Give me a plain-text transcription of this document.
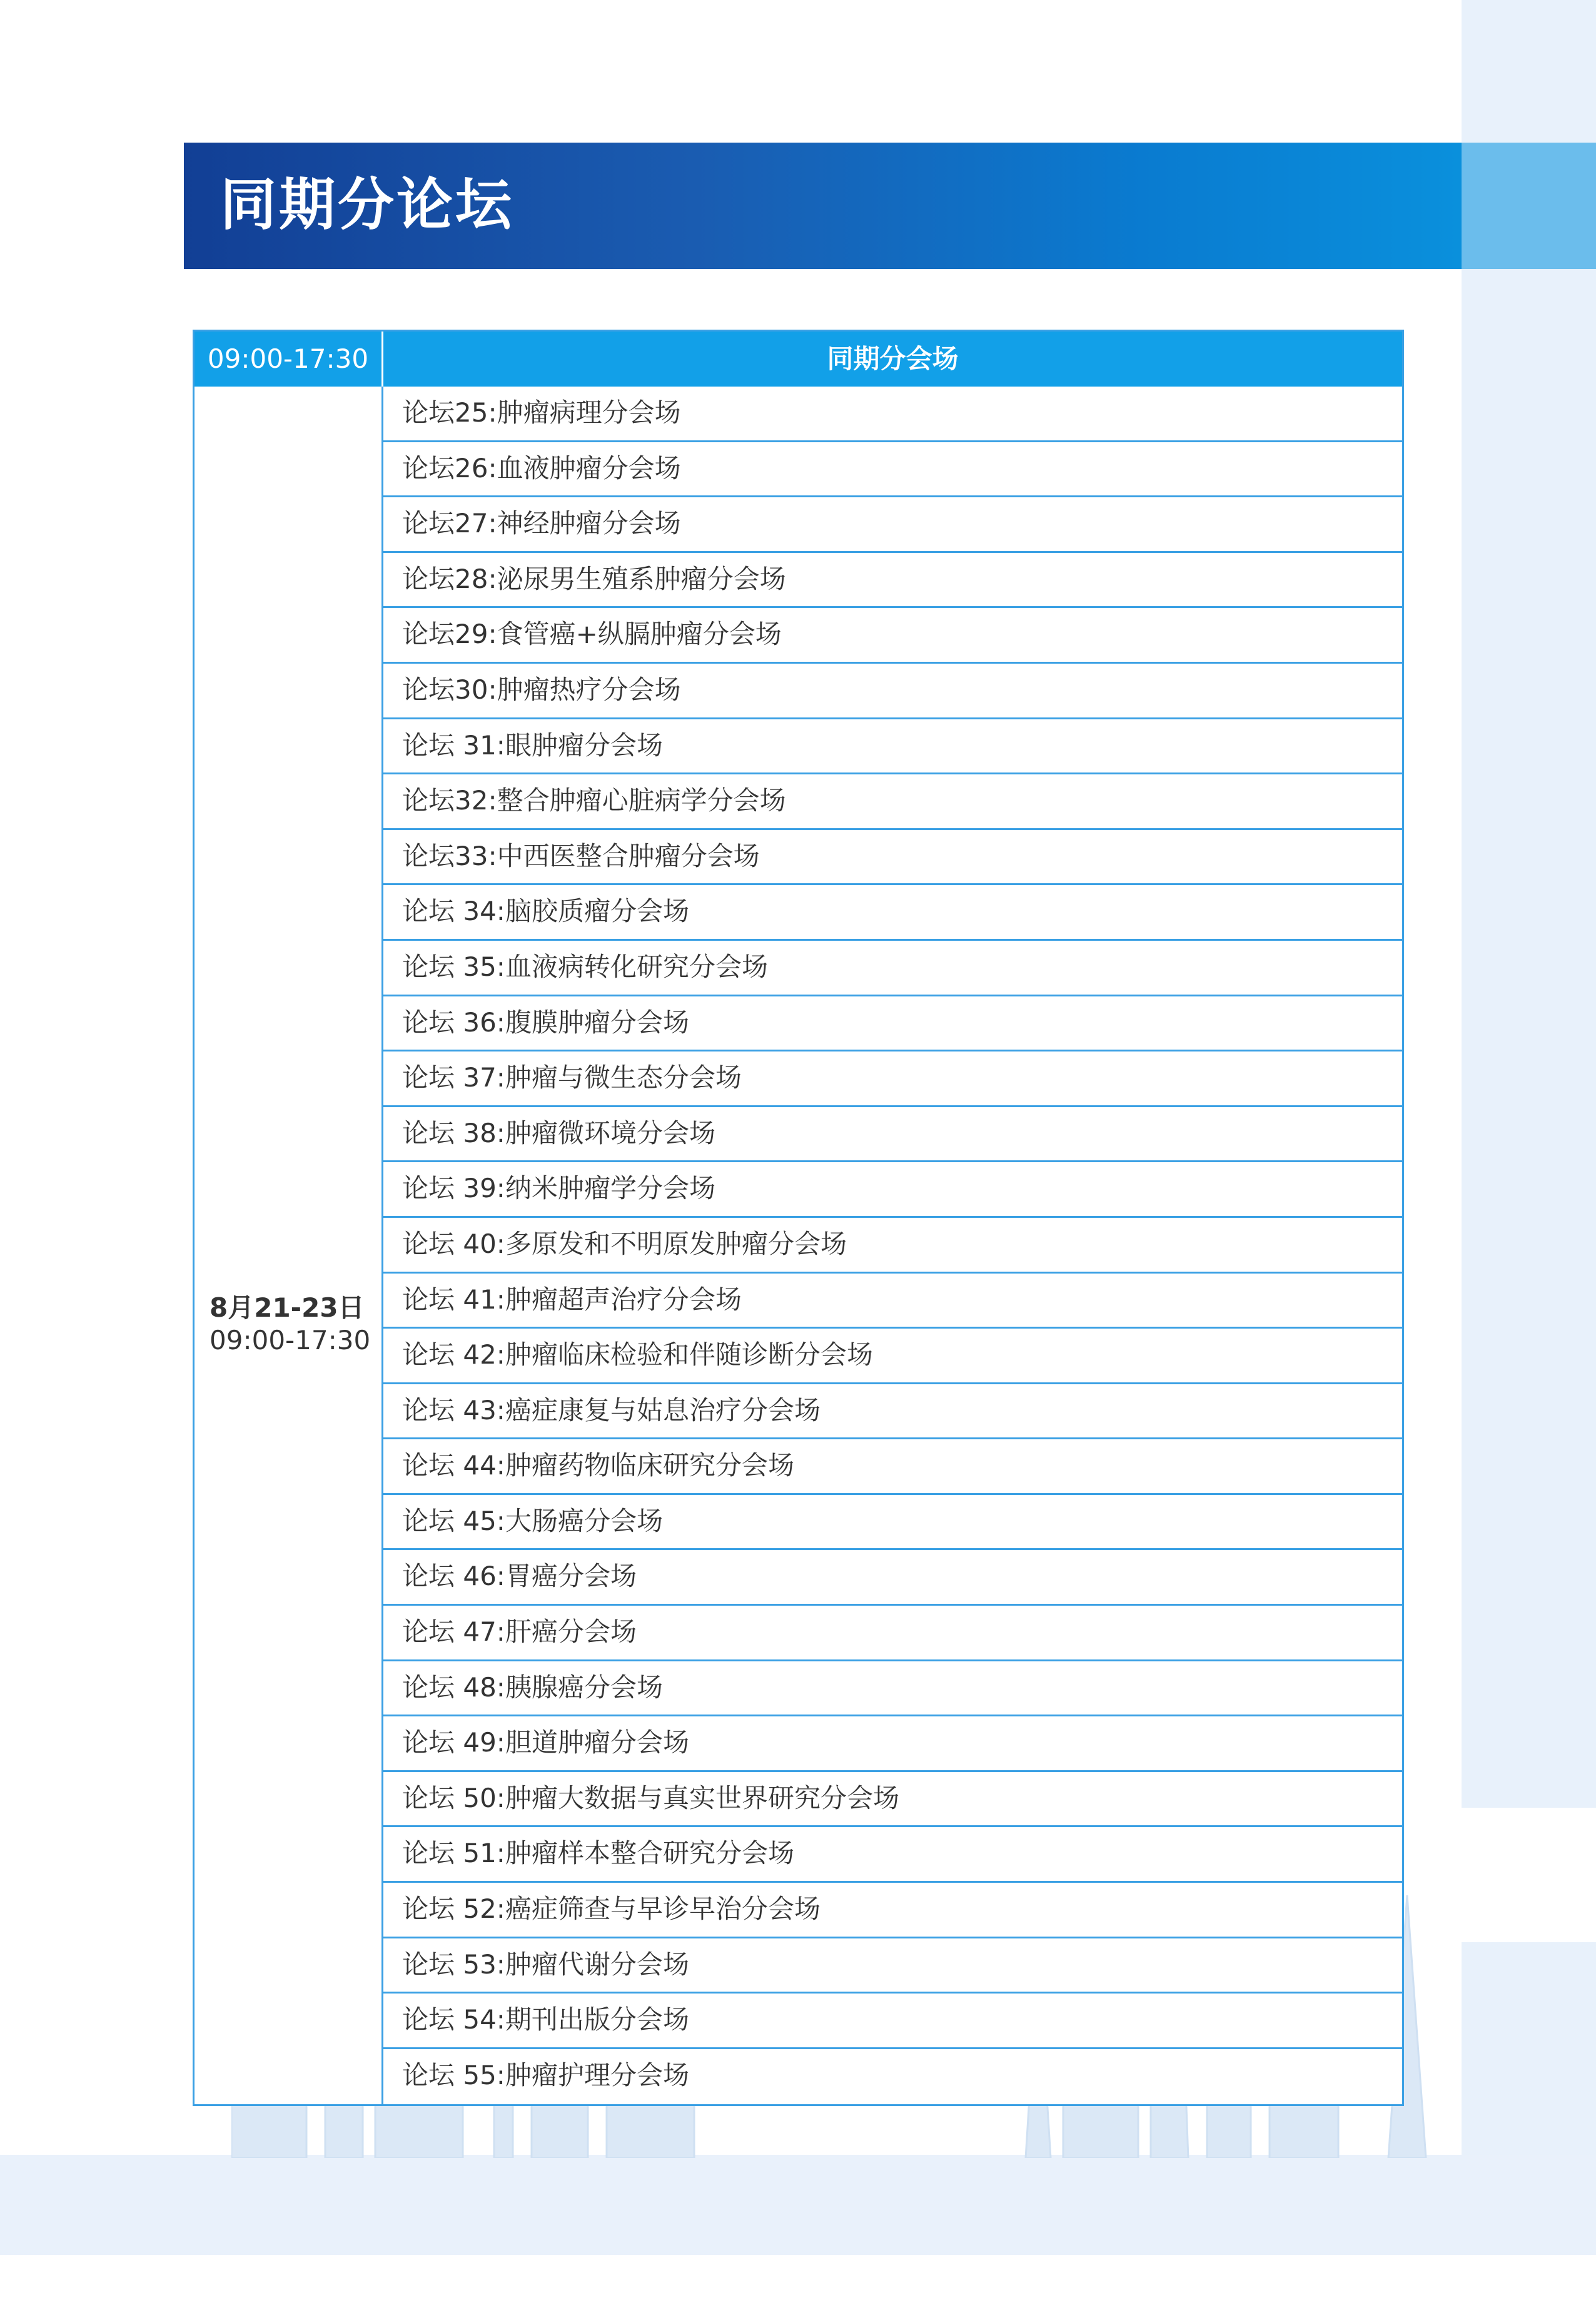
同期分论坛
09:00-17:30	同期分会场
8月21-23日
09:00-17:30
论坛25:肿瘤病理分会场
论坛26:血液肿瘤分会场
论坛27:神经肿瘤分会场
论坛28:泌尿男生殖系肿瘤分会场
论坛29:食管癌+纵膈肿瘤分会场
论坛30:肿瘤热疗分会场
论坛 31:眼肿瘤分会场
论坛32:整合肿瘤心脏病学分会场
论坛33:中西医整合肿瘤分会场
论坛 34:脑胶质瘤分会场
论坛 35:血液病转化研究分会场
论坛 36:腹膜肿瘤分会场
论坛 37:肿瘤与微生态分会场
论坛 38:肿瘤微环境分会场
论坛 39:纳米肿瘤学分会场
论坛 40:多原发和不明原发肿瘤分会场
论坛 41:肿瘤超声治疗分会场
论坛 42:肿瘤临床检验和伴随诊断分会场
论坛 43:癌症康复与姑息治疗分会场
论坛 44:肿瘤药物临床研究分会场
论坛 45:大肠癌分会场
论坛 46:胃癌分会场
论坛 47:肝癌分会场
论坛 48:胰腺癌分会场
论坛 49:胆道肿瘤分会场
论坛 50:肿瘤大数据与真实世界研究分会场
论坛 51:肿瘤样本整合研究分会场
论坛 52:癌症筛查与早诊早治分会场
论坛 53:肿瘤代谢分会场
论坛 54:期刊出版分会场
论坛 55:肿瘤护理分会场
